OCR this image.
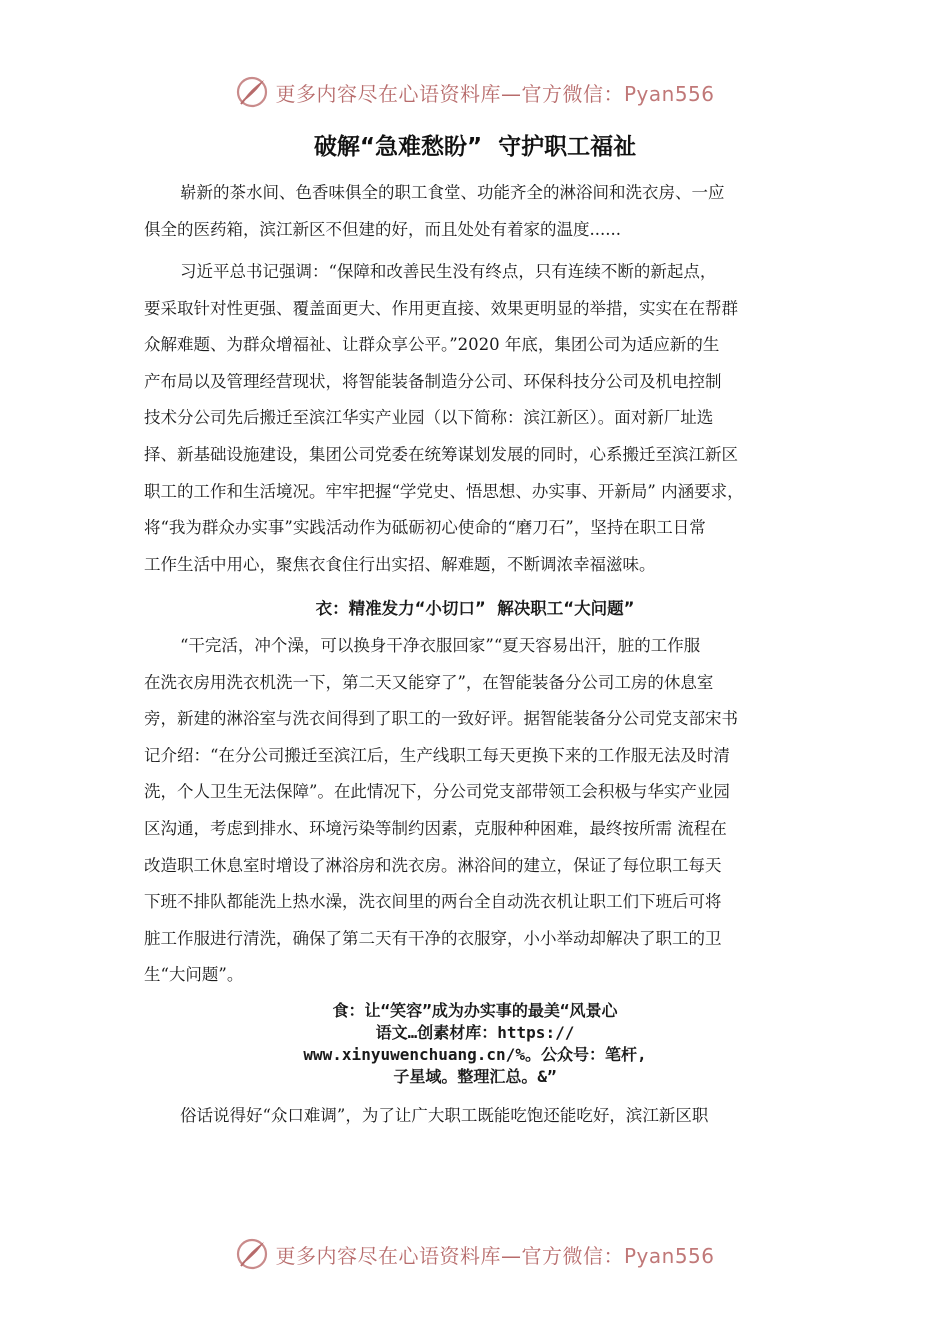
更多内容尽在心语资料库—官方微信：Pyan556
破解“急难愁盼”  守护职工福祉

崭新的茶水间、色香味俱全的职工食堂、功能齐全的淋浴间和洗衣房、一应

俱全的医药箱，滨江新区不但建的好，而且处处有着家的温度......

习近平总书记强调：“保障和改善民生没有终点，只有连续不断的新起点，

要采取针对性更强、覆盖面更大、作用更直接、效果更明显的举措，实实在在帮群

众解难题、为群众增福祉、让群众享公平。”2020 年底，集团公司为适应新的生

产布局以及管理经营现状，将智能装备制造分公司、环保科技分公司及机电控制

技术分公司先后搬迁至滨江华实产业园（以下简称：滨江新区）。面对新厂址选

择、新基础设施建设，集团公司党委在统筹谋划发展的同时，心系搬迁至滨江新区

职工的工作和生活境况。牢牢把握“学党史、悟思想、办实事、开新局” 内涵要求，

将“我为群众办实事”实践活动作为砥砺初心使命的“磨刀石”，坚持在职工日常

工作生活中用心，聚焦衣食住行出实招、解难题，不断调浓幸福滋味。

衣：精准发力“小切口”  解决职工“大问题”

“干完活，冲个澡，可以换身干净衣服回家”“夏天容易出汗，脏的工作服

在洗衣房用洗衣机洗一下，第二天又能穿了”，在智能装备分公司工房的休息室

旁，新建的淋浴室与洗衣间得到了职工的一致好评。据智能装备分公司党支部宋书

记介绍：“在分公司搬迁至滨江后，生产线职工每天更换下来的工作服无法及时清

洗，个人卫生无法保障”。在此情况下，分公司党支部带领工会积极与华实产业园

区沟通，考虑到排水、环境污染等制约因素，克服种种困难，最终按所需 流程在

改造职工休息室时增设了淋浴房和洗衣房。淋浴间的建立，保证了每位职工每天

下班不排队都能洗上热水澡，洗衣间里的两台全自动洗衣机让职工们下班后可将

脏工作服进行清洗，确保了第二天有干净的衣服穿，小小举动却解决了职工的卫

生“大问题”。

食：让“笑容”成为办实事的最美“风景心
语文…创素材库：https://
www.xinyuwenchuang.cn/%。公众号：笔杆,
子星域。整理汇总。&”

俗话说得好“众口难调”，为了让广大职工既能吃饱还能吃好，滨江新区职

更多内容尽在心语资料库—官方微信：Pyan556
